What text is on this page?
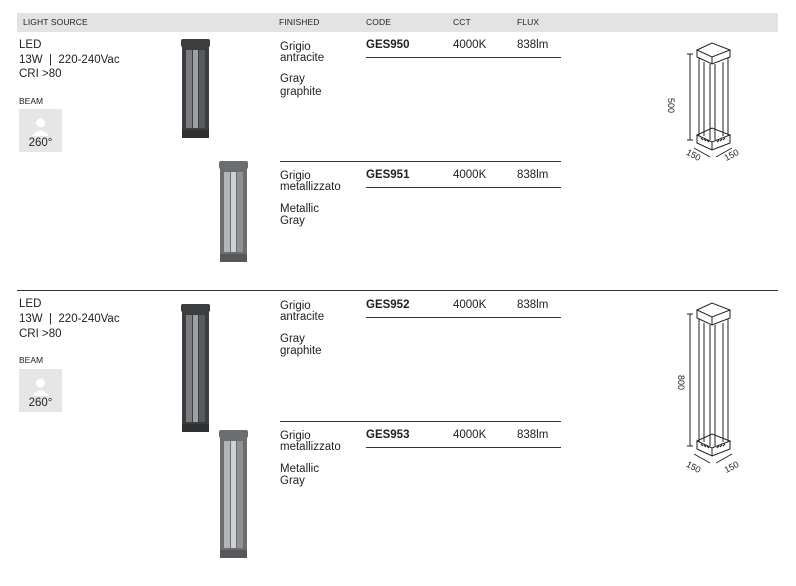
LIGHT SOURCE	FINISHED	CODE	CCT	FLUX
LED
13W  |  220-240Vac
CRI >80
BEAM
260°
Grigio
antracite
Gray
graphite
GES950	4000K	838lm
Grigio
metallizzato
Metallic
Gray
GES951	4000K	838lm
500
150 150
LED
13W  |  220-240Vac
CRI >80
BEAM
260°
Grigio
antracite
Gray
graphite
GES952	4000K	838lm
Grigio
metallizzato
Metallic
Gray
GES953	4000K	838lm
800
150 150
